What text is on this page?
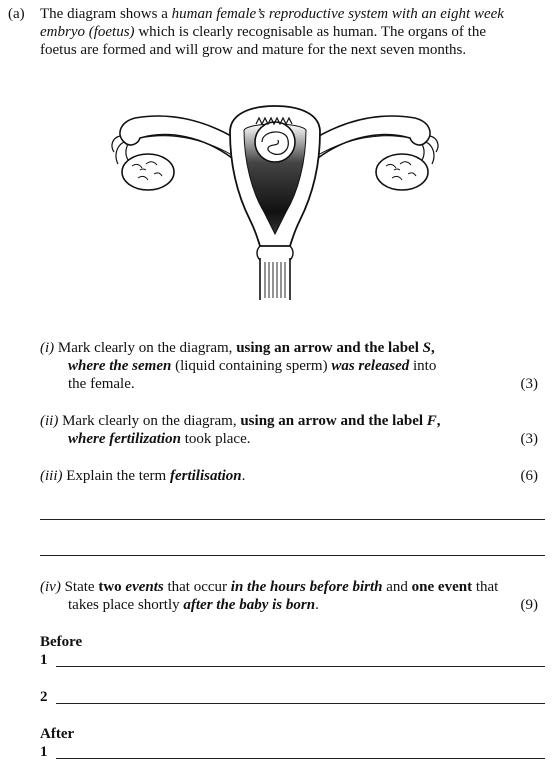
(a) The diagram shows a human female’s reproductive system with an eight week
embryo (foetus) which is clearly recognisable as human. The organs of the
foetus are formed and will grow and mature for the next seven months.
(i) Mark clearly on the diagram, using an arrow and the label S,
where the semen (liquid containing sperm) was released into
the female.	(3)
(ii) Mark clearly on the diagram, using an arrow and the label F,
where fertilization took place.	(3)
(iii) Explain the term fertilisation.	(6)
(iv) State two events that occur in the hours before birth and one event that
takes place shortly after the baby is born.	(9)
Before
1
2
After
1
